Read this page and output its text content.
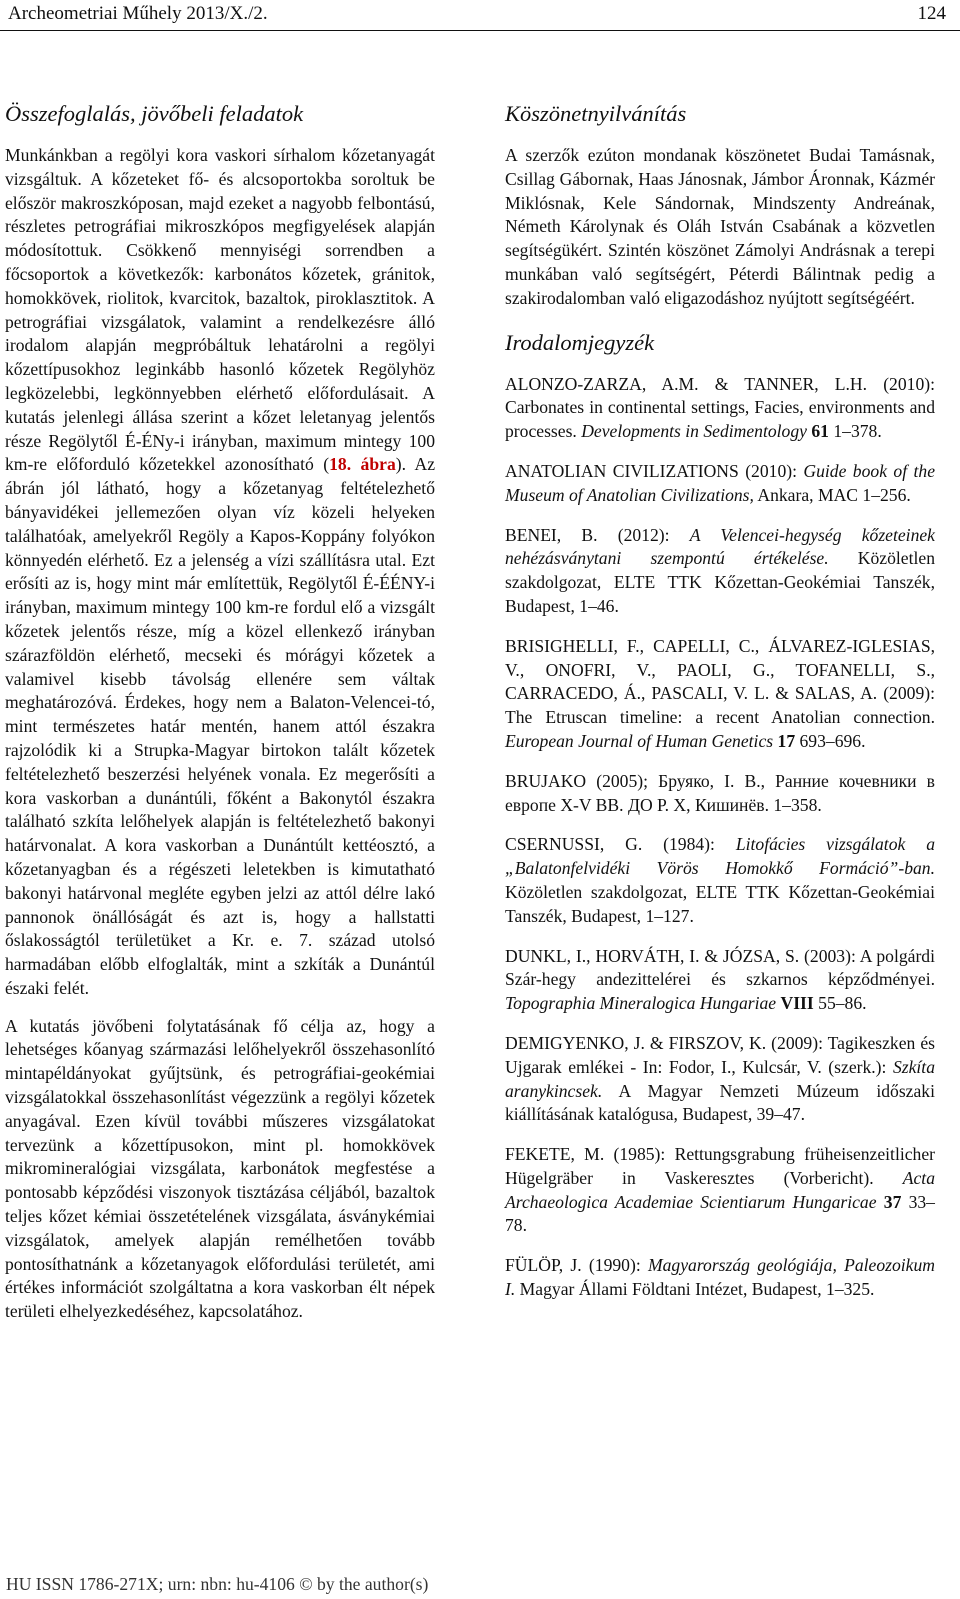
Archeometriai Műhely 2013/X./2.	124
Összefoglalás, jövőbeli feladatok

Munkánkban a regölyi kora vaskori sírhalom kőzetanyagát vizsgáltuk. A kőzeteket fő- és alcsoportokba soroltuk be először makroszkóposan, majd ezeket a nagyobb felbontású, részletes petrográfiai mikroszkópos megfigyelések alapján módosítottuk. Csökkenő mennyiségi sorrendben a főcsoportok a következők: karbonátos kőzetek, gránitok, homokkövek, riolitok, kvarcitok, bazaltok, piroklasztitok. A petrográfiai vizsgálatok, valamint a rendelkezésre álló irodalom alapján megpróbáltuk lehatárolni a regölyi kőzettípusokhoz leginkább hasonló kőzetek Regölyhöz legközelebbi, legkönnyebben elérhető előfordulásait. A kutatás jelenlegi állása szerint a kőzet leletanyag jelentős része Regölytől É-ÉNy-i irányban, maximum mintegy 100 km-re előforduló kőzetekkel azonosítható (18. ábra). Az ábrán jól látható, hogy a kőzetanyag feltételezhető bányavidékei jellemezően olyan víz közeli helyeken találhatóak, amelyekről Regöly a Kapos-Koppány folyókon könnyedén elérhető. Ez a jelenség a vízi szállításra utal. Ezt erősíti az is, hogy mint már említettük, Regölytől É-ÉÉNY-i irányban, maximum mintegy 100 km-re fordul elő a vizsgált kőzetek jelentős része, míg a közel ellenkező irányban szárazföldön elérhető, mecseki és mórágyi kőzetek a valamivel kisebb távolság ellenére sem váltak meghatározóvá. Érdekes, hogy nem a Balaton-Velencei-tó, mint természetes határ mentén, hanem attól északra rajzolódik ki a Strupka-Magyar birtokon talált kőzetek feltételezhető beszerzési helyének vonala. Ez megerősíti a kora vaskorban a dunántúli, főként a Bakonytól északra található szkíta lelőhelyek alapján is feltételezhető bakonyi határvonalat. A kora vaskorban a Dunántúlt kettéosztó, a kőzetanyagban és a régészeti leletekben is kimutatható bakonyi határvonal megléte egyben jelzi az attól délre lakó pannonok önállóságát és azt is, hogy a hallstatti őslakosságtól területüket a Kr. e. 7. század utolsó harmadában előbb elfoglalták, mint a szkíták a Dunántúl északi felét.

A kutatás jövőbeni folytatásának fő célja az, hogy a lehetséges kőanyag származási lelőhelyekről összehasonlító mintapéldányokat gyűjtsünk, és petrográfiai-geokémiai vizsgálatokkal összehasonlítást végezzünk a regölyi kőzetek anyagával. Ezen kívül további műszeres vizsgálatokat tervezünk a kőzettípusokon, mint pl. homokkövek mikromineralógiai vizsgálata, karbonátok megfestése a pontosabb képződési viszonyok tisztázása céljából, bazaltok teljes kőzet kémiai összetételének vizsgálata, ásványkémiai vizsgálatok, amelyek alapján remélhetően tovább pontosíthatnánk a kőzetanyagok előfordulási területét, ami értékes információt szolgáltatna a kora vaskorban élt népek területi elhelyezkedéséhez, kapcsolatához.

Köszönetnyilvánítás

A szerzők ezúton mondanak köszönetet Budai Tamásnak, Csillag Gábornak, Haas Jánosnak, Jámbor Áronnak, Kázmér Miklósnak, Kele Sándornak, Mindszenty Andreának, Németh Károlynak és Oláh István Csabának a közvetlen segítségükért. Szintén köszönet Zámolyi Andrásnak a terepi munkában való segítségért, Péterdi Bálintnak pedig a szakirodalomban való eligazodáshoz nyújtott segítségéért.

Irodalomjegyzék

ALONZO-ZARZA, A.M. & TANNER, L.H. (2010): Carbonates in continental settings, Facies, environments and processes. Developments in Sedimentology 61 1–378.

ANATOLIAN CIVILIZATIONS (2010): Guide book of the Museum of Anatolian Civilizations, Ankara, MAC 1–256.

BENEI, B. (2012): A Velencei-hegység kőzeteinek nehézásványtani szempontú értékelése. Közöletlen szakdolgozat, ELTE TTK Kőzettan-Geokémiai Tanszék, Budapest, 1–46.

BRISIGHELLI, F., CAPELLI, C., ÁLVAREZ-IGLESIAS, V., ONOFRI, V., PAOLI, G., TOFANELLI, S., CARRACEDO, Á., PASCALI, V. L. & SALAS, A. (2009): The Etruscan timeline: a recent Anatolian connection. European Journal of Human Genetics 17 693–696.

BRUJAKO (2005); Бруяко, I. B., Ранние кочевники в европе X-V ВВ. ДО Р. Х, Кишинёв. 1–358.

CSERNUSSI, G. (1984): Litofácies vizsgálatok a „Balatonfelvidéki Vörös Homokkő Formáció”-ban. Közöletlen szakdolgozat, ELTE TTK Kőzettan-Geokémiai Tanszék, Budapest, 1–127.

DUNKL, I., HORVÁTH, I. & JÓZSA, S. (2003): A polgárdi Szár-hegy andezittelérei és szkarnos képződményei. Topographia Mineralogica Hungariae VIII 55–86.

DEMIGYENKO, J. & FIRSZOV, K. (2009): Tagikeszken és Ujgarak emlékei - In: Fodor, I., Kulcsár, V. (szerk.): Szkíta aranykincsek. A Magyar Nemzeti Múzeum időszaki kiállításának katalógusa, Budapest, 39–47.

FEKETE, M. (1985): Rettungsgrabung früheisenzeitlicher Hügelgräber in Vaskeresztes (Vorbericht). Acta Archaeologica Academiae Scientiarum Hungaricae 37 33–78.

FÜLÖP, J. (1990): Magyarország geológiája, Paleozoikum I. Magyar Állami Földtani Intézet, Budapest, 1–325.

HU ISSN 1786-271X; urn: nbn: hu-4106 © by the author(s)
